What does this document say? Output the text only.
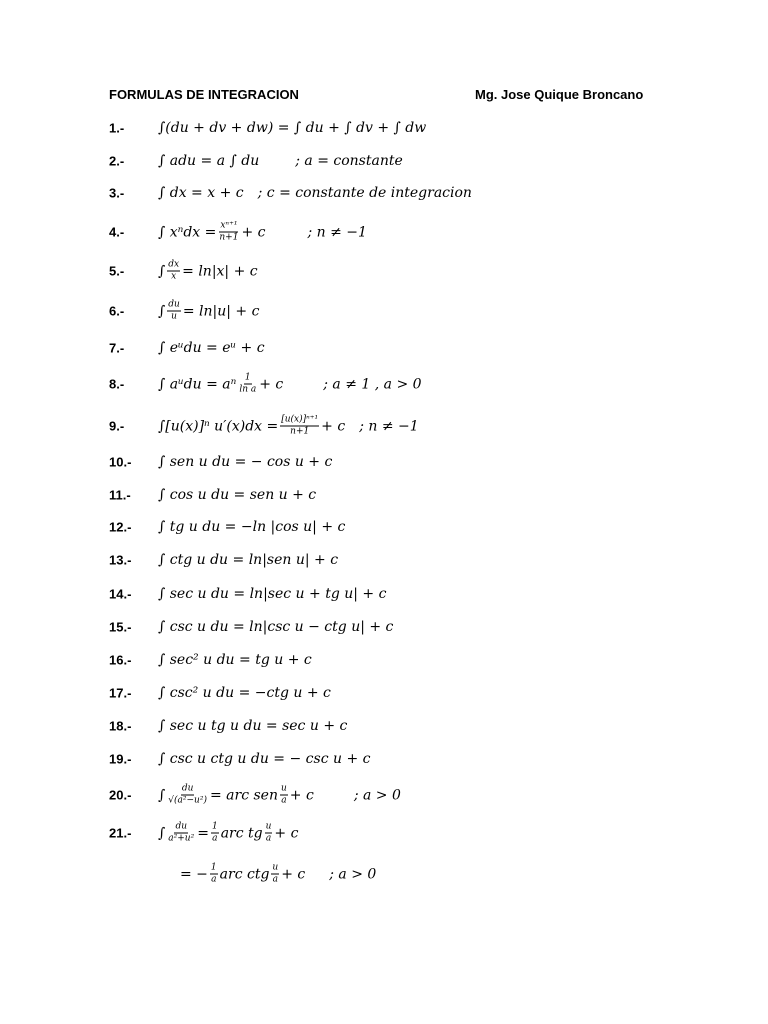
FORMULAS DE INTEGRACION	Mg. Jose Quique Broncano
1.- ∫(du + dv + dw) = ∫ du + ∫ dv + ∫ dw
2.- ∫ adu = a ∫ du	; a = constante
3.- ∫ dx = x + c ; c = constante de integracion
4.- ∫ $x^ndx = \frac{\text{xⁿ⁺¹}}{n+1} + c$	; n ≠ −1
5.- ∫ $\frac{dx}{x} = \ln|x| + c$
6.- ∫ $\frac{du}{u} = \ln|u| + c$
7.- ∫ eᵘdu = eᵘ + c
8.- ∫ aᵘdu = aⁿ $\frac{1}{\text{ln a}} + c$	; a ≠ 1 , a > 0
9.- ∫[u(x)]ⁿ $u'(x)dx = \frac{\text{[u(x)]ⁿ⁺¹}}{n+1} + c$ ; n ≠ −1
10.- ∫ sen u du = − cos u + c
11.- ∫ cos u du = sen u + c
12.- ∫ tg u du = −ln |cos u| + c
13.- ∫ ctg u du = ln|sen u| + c
14.- ∫ sec u du = ln|sec u + tg u| + c
15.- ∫ csc u du = ln|csc u − ctg u| + c
16.- ∫ sec² u du = tg u + c
17.- ∫ csc² u du = −ctg u + c
18.- ∫ sec u tg u du = sec u + c
19.- ∫ csc u ctg u du = − csc u + c
20.- ∫ $\frac{du}{\text{√(a²−u²)}}$ = arc sen $\frac{u}{a} + c$	; a > 0
21.- ∫ $\frac{du}{\text{a²+u²}} = \frac{1}{a}$ arc tg $\frac{u}{a} + c$
= − $\frac{1}{a}$ arc ctg $\frac{u}{a} + c$ ; a > 0
